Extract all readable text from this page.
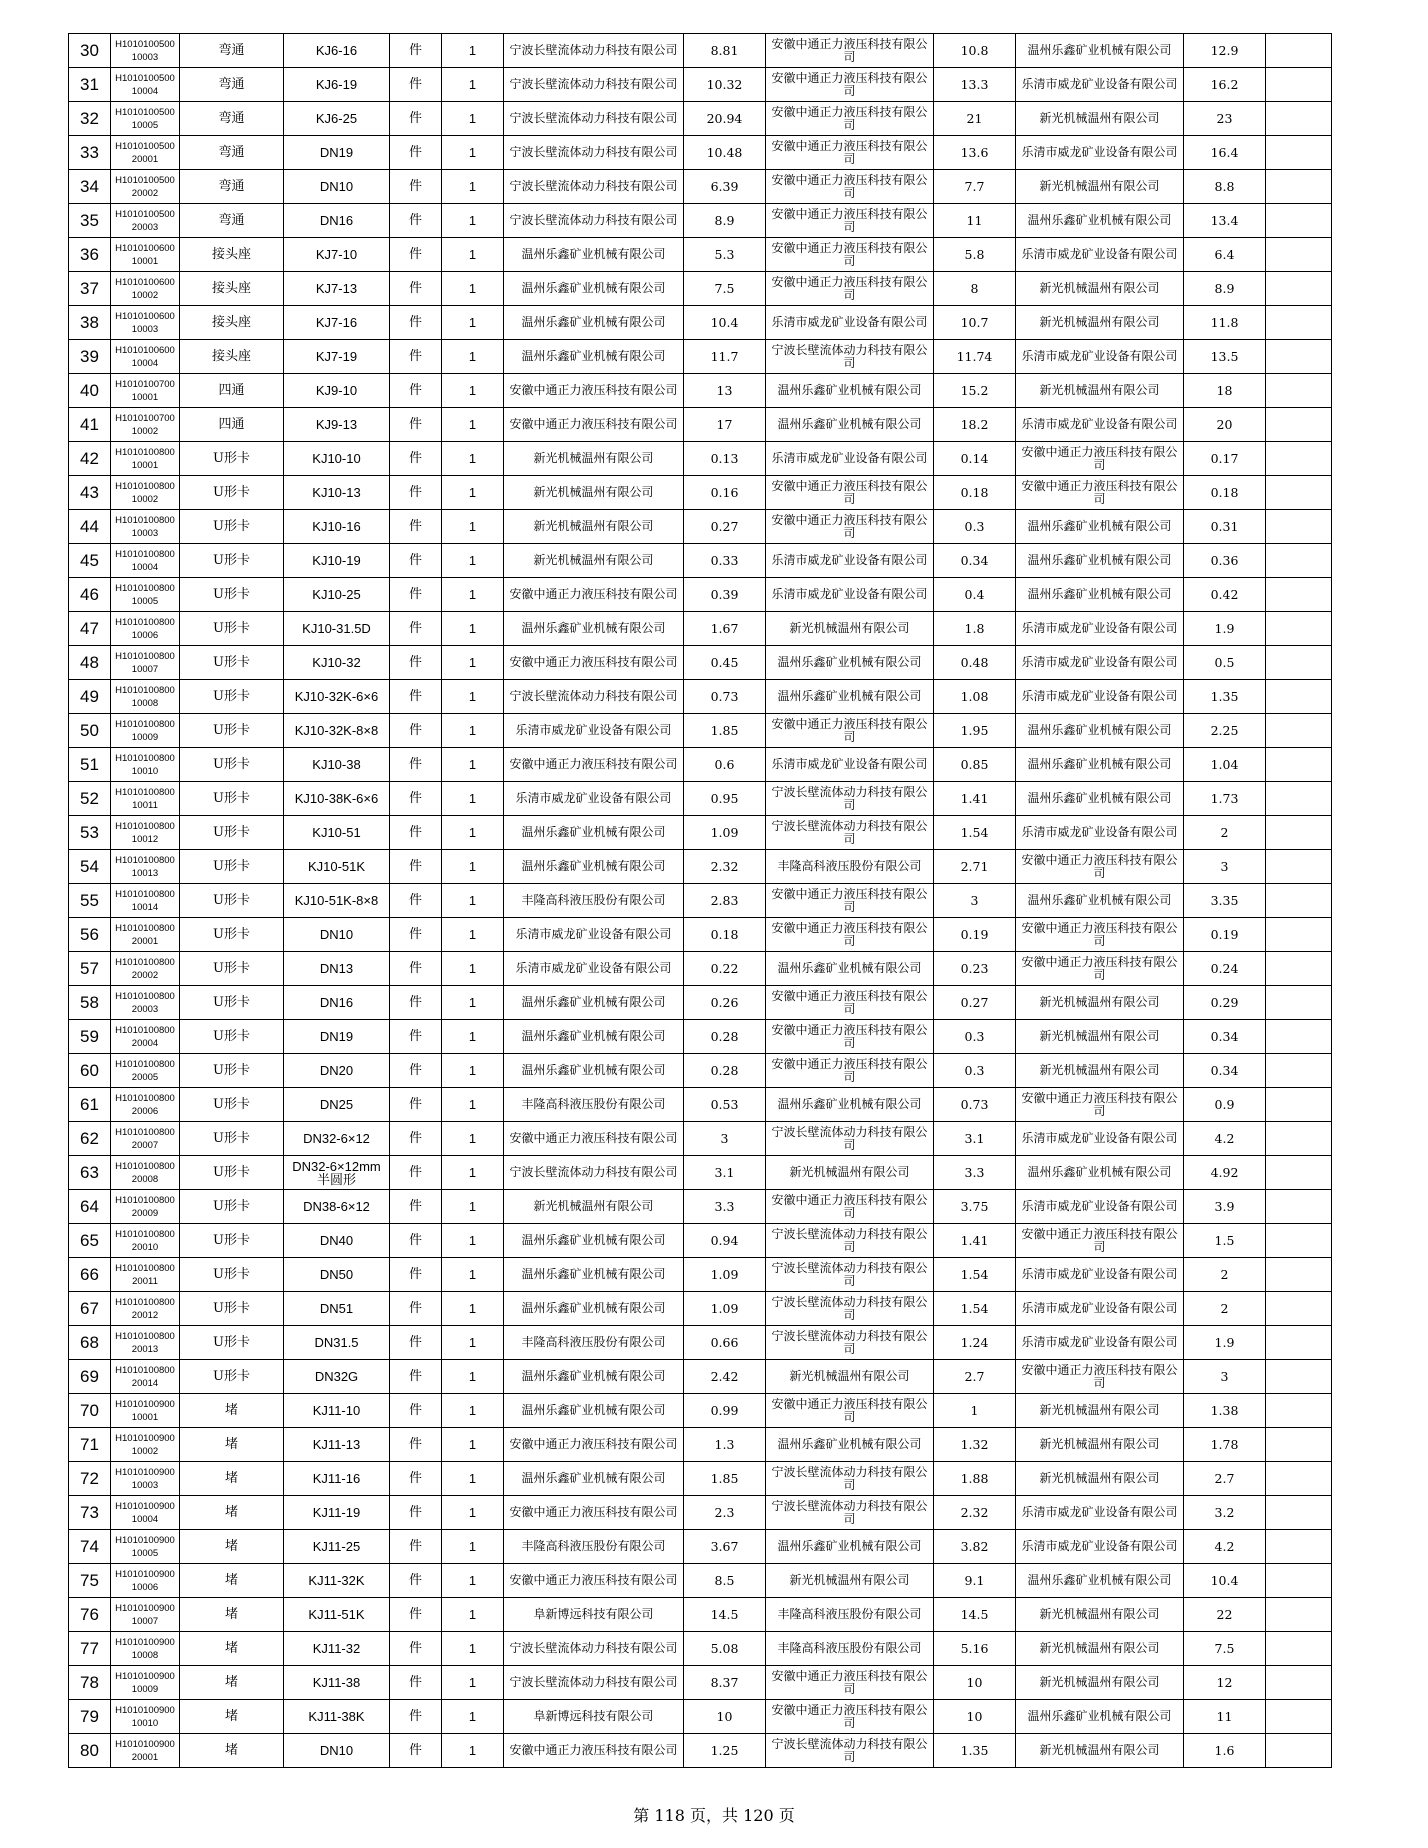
30	H101010050010003	弯通	KJ6-16	件	1	宁波长壁流体动力科技有限公司	8.81	安徽中通正力液压科技有限公司	10.8	温州乐鑫矿业机械有限公司	12.9	
31	H101010050010004	弯通	KJ6-19	件	1	宁波长壁流体动力科技有限公司	10.32	安徽中通正力液压科技有限公司	13.3	乐清市威龙矿业设备有限公司	16.2	
32	H101010050010005	弯通	KJ6-25	件	1	宁波长壁流体动力科技有限公司	20.94	安徽中通正力液压科技有限公司	21	新光机械温州有限公司	23	
33	H101010050020001	弯通	DN19	件	1	宁波长壁流体动力科技有限公司	10.48	安徽中通正力液压科技有限公司	13.6	乐清市威龙矿业设备有限公司	16.4	
34	H101010050020002	弯通	DN10	件	1	宁波长壁流体动力科技有限公司	6.39	安徽中通正力液压科技有限公司	7.7	新光机械温州有限公司	8.8	
35	H101010050020003	弯通	DN16	件	1	宁波长壁流体动力科技有限公司	8.9	安徽中通正力液压科技有限公司	11	温州乐鑫矿业机械有限公司	13.4	
36	H101010060010001	接头座	KJ7-10	件	1	温州乐鑫矿业机械有限公司	5.3	安徽中通正力液压科技有限公司	5.8	乐清市威龙矿业设备有限公司	6.4	
37	H101010060010002	接头座	KJ7-13	件	1	温州乐鑫矿业机械有限公司	7.5	安徽中通正力液压科技有限公司	8	新光机械温州有限公司	8.9	
38	H101010060010003	接头座	KJ7-16	件	1	温州乐鑫矿业机械有限公司	10.4	乐清市威龙矿业设备有限公司	10.7	新光机械温州有限公司	11.8	
39	H101010060010004	接头座	KJ7-19	件	1	温州乐鑫矿业机械有限公司	11.7	宁波长壁流体动力科技有限公司	11.74	乐清市威龙矿业设备有限公司	13.5	
40	H101010070010001	四通	KJ9-10	件	1	安徽中通正力液压科技有限公司	13	温州乐鑫矿业机械有限公司	15.2	新光机械温州有限公司	18	
41	H101010070010002	四通	KJ9-13	件	1	安徽中通正力液压科技有限公司	17	温州乐鑫矿业机械有限公司	18.2	乐清市威龙矿业设备有限公司	20	
42	H101010080010001	U形卡	KJ10-10	件	1	新光机械温州有限公司	0.13	乐清市威龙矿业设备有限公司	0.14	安徽中通正力液压科技有限公司	0.17	
43	H101010080010002	U形卡	KJ10-13	件	1	新光机械温州有限公司	0.16	安徽中通正力液压科技有限公司	0.18	安徽中通正力液压科技有限公司	0.18	
44	H101010080010003	U形卡	KJ10-16	件	1	新光机械温州有限公司	0.27	安徽中通正力液压科技有限公司	0.3	温州乐鑫矿业机械有限公司	0.31	
45	H101010080010004	U形卡	KJ10-19	件	1	新光机械温州有限公司	0.33	乐清市威龙矿业设备有限公司	0.34	温州乐鑫矿业机械有限公司	0.36	
46	H101010080010005	U形卡	KJ10-25	件	1	安徽中通正力液压科技有限公司	0.39	乐清市威龙矿业设备有限公司	0.4	温州乐鑫矿业机械有限公司	0.42	
47	H101010080010006	U形卡	KJ10-31.5D	件	1	温州乐鑫矿业机械有限公司	1.67	新光机械温州有限公司	1.8	乐清市威龙矿业设备有限公司	1.9	
48	H101010080010007	U形卡	KJ10-32	件	1	安徽中通正力液压科技有限公司	0.45	温州乐鑫矿业机械有限公司	0.48	乐清市威龙矿业设备有限公司	0.5	
49	H101010080010008	U形卡	KJ10-32K-6×6	件	1	宁波长壁流体动力科技有限公司	0.73	温州乐鑫矿业机械有限公司	1.08	乐清市威龙矿业设备有限公司	1.35	
50	H101010080010009	U形卡	KJ10-32K-8×8	件	1	乐清市威龙矿业设备有限公司	1.85	安徽中通正力液压科技有限公司	1.95	温州乐鑫矿业机械有限公司	2.25	
51	H101010080010010	U形卡	KJ10-38	件	1	安徽中通正力液压科技有限公司	0.6	乐清市威龙矿业设备有限公司	0.85	温州乐鑫矿业机械有限公司	1.04	
52	H101010080010011	U形卡	KJ10-38K-6×6	件	1	乐清市威龙矿业设备有限公司	0.95	宁波长壁流体动力科技有限公司	1.41	温州乐鑫矿业机械有限公司	1.73	
53	H101010080010012	U形卡	KJ10-51	件	1	温州乐鑫矿业机械有限公司	1.09	宁波长壁流体动力科技有限公司	1.54	乐清市威龙矿业设备有限公司	2	
54	H101010080010013	U形卡	KJ10-51K	件	1	温州乐鑫矿业机械有限公司	2.32	丰隆高科液压股份有限公司	2.71	安徽中通正力液压科技有限公司	3	
55	H101010080010014	U形卡	KJ10-51K-8×8	件	1	丰隆高科液压股份有限公司	2.83	安徽中通正力液压科技有限公司	3	温州乐鑫矿业机械有限公司	3.35	
56	H101010080020001	U形卡	DN10	件	1	乐清市威龙矿业设备有限公司	0.18	安徽中通正力液压科技有限公司	0.19	安徽中通正力液压科技有限公司	0.19	
57	H101010080020002	U形卡	DN13	件	1	乐清市威龙矿业设备有限公司	0.22	温州乐鑫矿业机械有限公司	0.23	安徽中通正力液压科技有限公司	0.24	
58	H101010080020003	U形卡	DN16	件	1	温州乐鑫矿业机械有限公司	0.26	安徽中通正力液压科技有限公司	0.27	新光机械温州有限公司	0.29	
59	H101010080020004	U形卡	DN19	件	1	温州乐鑫矿业机械有限公司	0.28	安徽中通正力液压科技有限公司	0.3	新光机械温州有限公司	0.34	
60	H101010080020005	U形卡	DN20	件	1	温州乐鑫矿业机械有限公司	0.28	安徽中通正力液压科技有限公司	0.3	新光机械温州有限公司	0.34	
61	H101010080020006	U形卡	DN25	件	1	丰隆高科液压股份有限公司	0.53	温州乐鑫矿业机械有限公司	0.73	安徽中通正力液压科技有限公司	0.9	
62	H101010080020007	U形卡	DN32-6×12	件	1	安徽中通正力液压科技有限公司	3	宁波长壁流体动力科技有限公司	3.1	乐清市威龙矿业设备有限公司	4.2	
63	H101010080020008	U形卡	DN32-6×12mm 半圆形	件	1	宁波长壁流体动力科技有限公司	3.1	新光机械温州有限公司	3.3	温州乐鑫矿业机械有限公司	4.92	
64	H101010080020009	U形卡	DN38-6×12	件	1	新光机械温州有限公司	3.3	安徽中通正力液压科技有限公司	3.75	乐清市威龙矿业设备有限公司	3.9	
65	H101010080020010	U形卡	DN40	件	1	温州乐鑫矿业机械有限公司	0.94	宁波长壁流体动力科技有限公司	1.41	安徽中通正力液压科技有限公司	1.5	
66	H101010080020011	U形卡	DN50	件	1	温州乐鑫矿业机械有限公司	1.09	宁波长壁流体动力科技有限公司	1.54	乐清市威龙矿业设备有限公司	2	
67	H101010080020012	U形卡	DN51	件	1	温州乐鑫矿业机械有限公司	1.09	宁波长壁流体动力科技有限公司	1.54	乐清市威龙矿业设备有限公司	2	
68	H101010080020013	U形卡	DN31.5	件	1	丰隆高科液压股份有限公司	0.66	宁波长壁流体动力科技有限公司	1.24	乐清市威龙矿业设备有限公司	1.9	
69	H101010080020014	U形卡	DN32G	件	1	温州乐鑫矿业机械有限公司	2.42	新光机械温州有限公司	2.7	安徽中通正力液压科技有限公司	3	
70	H101010090010001	堵	KJ11-10	件	1	温州乐鑫矿业机械有限公司	0.99	安徽中通正力液压科技有限公司	1	新光机械温州有限公司	1.38	
71	H101010090010002	堵	KJ11-13	件	1	安徽中通正力液压科技有限公司	1.3	温州乐鑫矿业机械有限公司	1.32	新光机械温州有限公司	1.78	
72	H101010090010003	堵	KJ11-16	件	1	温州乐鑫矿业机械有限公司	1.85	宁波长壁流体动力科技有限公司	1.88	新光机械温州有限公司	2.7	
73	H101010090010004	堵	KJ11-19	件	1	安徽中通正力液压科技有限公司	2.3	宁波长壁流体动力科技有限公司	2.32	乐清市威龙矿业设备有限公司	3.2	
74	H101010090010005	堵	KJ11-25	件	1	丰隆高科液压股份有限公司	3.67	温州乐鑫矿业机械有限公司	3.82	乐清市威龙矿业设备有限公司	4.2	
75	H101010090010006	堵	KJ11-32K	件	1	安徽中通正力液压科技有限公司	8.5	新光机械温州有限公司	9.1	温州乐鑫矿业机械有限公司	10.4	
76	H101010090010007	堵	KJ11-51K	件	1	阜新博远科技有限公司	14.5	丰隆高科液压股份有限公司	14.5	新光机械温州有限公司	22	
77	H101010090010008	堵	KJ11-32	件	1	宁波长壁流体动力科技有限公司	5.08	丰隆高科液压股份有限公司	5.16	新光机械温州有限公司	7.5	
78	H101010090010009	堵	KJ11-38	件	1	宁波长壁流体动力科技有限公司	8.37	安徽中通正力液压科技有限公司	10	新光机械温州有限公司	12	
79	H101010090010010	堵	KJ11-38K	件	1	阜新博远科技有限公司	10	安徽中通正力液压科技有限公司	10	温州乐鑫矿业机械有限公司	11	
80	H101010090020001	堵	DN10	件	1	安徽中通正力液压科技有限公司	1.25	宁波长壁流体动力科技有限公司	1.35	新光机械温州有限公司	1.6	
第 118 页，共 120 页
